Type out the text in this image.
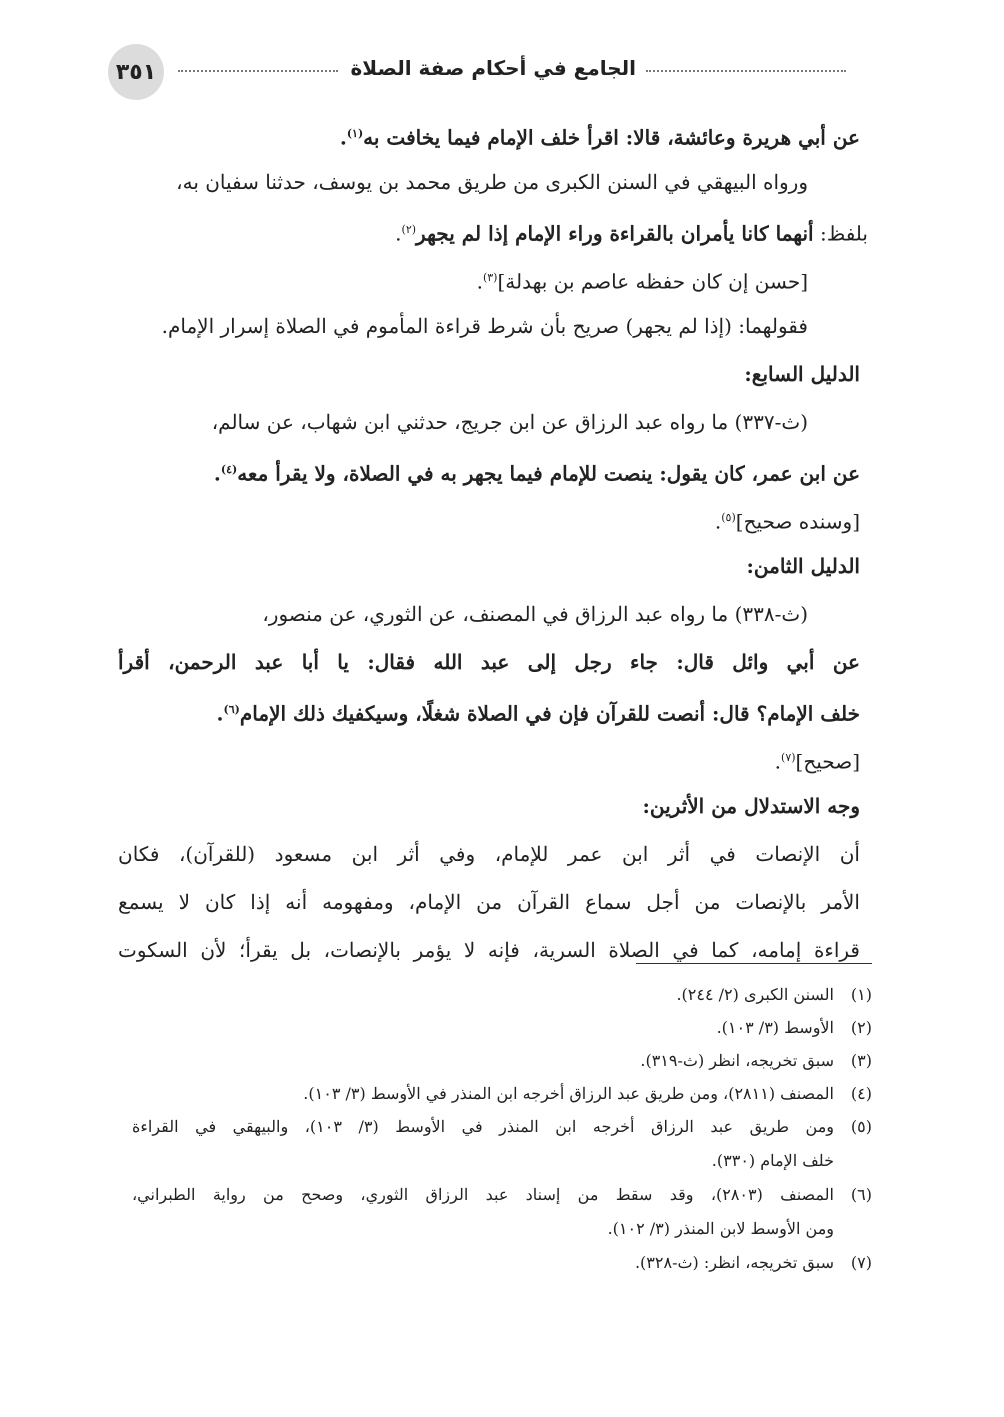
٣٥١	الجامع في أحكام صفة الصلاة
عن أبي هريرة وعائشة، قالا: اقرأ خلف الإمام فيما يخافت به$^{(١)}$.
ورواه البيهقي في السنن الكبرى من طريق محمد بن يوسف، حدثنا سفيان به،
بلفظ: أنهما كانا يأمران بالقراءة وراء الإمام إذا لم يجهر$^{(٢)}$.
[حسن إن كان حفظه عاصم بن بهدلة]$^{(٣)}$.
فقولهما: (إذا لم يجهر) صريح بأن شرط قراءة المأموم في الصلاة إسرار الإمام.
الدليل السابع:
(ث-٣٣٧) ما رواه عبد الرزاق عن ابن جريج، حدثني ابن شهاب، عن سالم،
عن ابن عمر، كان يقول: ينصت للإمام فيما يجهر به في الصلاة، ولا يقرأ معه$^{(٤)}$.
[وسنده صحيح]$^{(٥)}$.
الدليل الثامن:
(ث-٣٣٨) ما رواه عبد الرزاق في المصنف، عن الثوري، عن منصور،
عن أبي وائل قال: جاء رجل إلى عبد الله فقال: يا أبا عبد الرحمن، أقرأ
خلف الإمام؟ قال: أنصت للقرآن فإن في الصلاة شغلًا، وسيكفيك ذلك الإمام$^{(٦)}$.
[صحيح]$^{(٧)}$.
وجه الاستدلال من الأثرين:
أن الإنصات في أثر ابن عمر للإمام، وفي أثر ابن مسعود (للقرآن)، فكان
الأمر بالإنصات من أجل سماع القرآن من الإمام، ومفهومه أنه إذا كان لا يسمع
قراءة إمامه، كما في الصلاة السرية، فإنه لا يؤمر بالإنصات، بل يقرأ؛ لأن السكوت
(١)
السنن الكبرى (٢/ ٢٤٤).
(٢)
الأوسط (٣/ ١٠٣).
(٣)
سبق تخريجه، انظر (ث-٣١٩).
(٤)
المصنف (٢٨١١)، ومن طريق عبد الرزاق أخرجه ابن المنذر في الأوسط (٣/ ١٠٣).
(٥)
ومن طريق عبد الرزاق أخرجه ابن المنذر في الأوسط (٣/ ١٠٣)، والبيهقي في القراءة
خلف الإمام (٣٣٠).
(٦)
المصنف (٢٨٠٣)، وقد سقط من إسناد عبد الرزاق الثوري، وصحح من رواية الطبراني،
ومن الأوسط لابن المنذر (٣/ ١٠٢).
(٧)
سبق تخريجه، انظر: (ث-٣٢٨).
